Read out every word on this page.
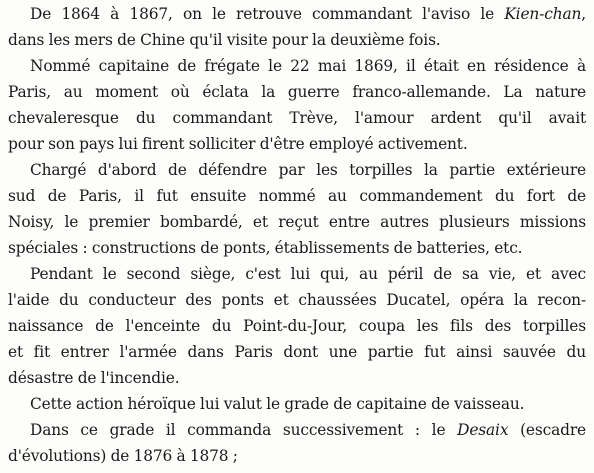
De 1864 à 1867, on le retrouve commandant l'aviso le Kien-chan,
dans les mers de Chine qu'il visite pour la deuxième fois.
Nommé capitaine de frégate le 22 mai 1869, il était en résidence à
Paris, au moment où éclata la guerre franco-allemande. La nature
chevaleresque du commandant Trève, l'amour ardent qu'il avait
pour son pays lui firent solliciter d'être employé activement.
Chargé d'abord de défendre par les torpilles la partie extérieure
sud de Paris, il fut ensuite nommé au commandement du fort de
Noisy, le premier bombardé, et reçut entre autres plusieurs missions
spéciales : constructions de ponts, établissements de batteries, etc.
Pendant le second siège, c'est lui qui, au péril de sa vie, et avec
l'aide du conducteur des ponts et chaussées Ducatel, opéra la recon-
naissance de l'enceinte du Point-du-Jour, coupa les fils des torpilles
et fit entrer l'armée dans Paris dont une partie fut ainsi sauvée du
désastre de l'incendie.
Cette action héroïque lui valut le grade de capitaine de vaisseau.
Dans ce grade il commanda successivement : le Desaix (escadre
d'évolutions) de 1876 à 1878 ;
